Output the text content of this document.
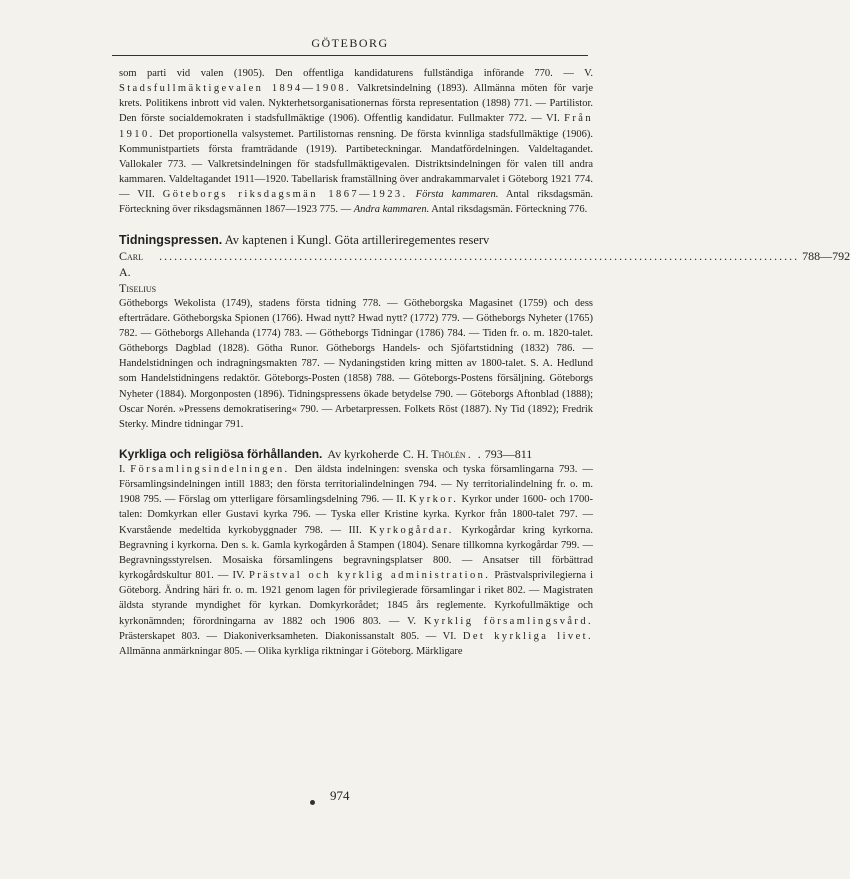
GÖTEBORG

som parti vid valen (1905). Den offentliga kandidaturens fullständiga införande 770. — V. Stadsfullmäktigevalen 1894—1908. Valkretsindelning (1893). Allmänna möten för varje krets. Politikens inbrott vid valen. Nykterhetsorganisationernas första representation (1898) 771. — Partilistor. Den förste socialdemokraten i stadsfullmäktige (1906). Offentlig kandidatur. Fullmakter 772. — VI. Från 1910. Det proportionella valsystemet. Partilistornas rensning. De första kvinnliga stadsfullmäktige (1906). Kommunistpartiets första framträdande (1919). Partibeteckningar. Mandatfördelningen. Valdeltagandet. Vallokaler 773. — Valkretsindelningen för stadsfullmäktigevalen. Distriktsindelningen för valen till andra kammaren. Valdeltagandet 1911—1920. Tabellarisk framställning över andrakammarvalet i Göteborg 1921 774. — VII. Göteborgs riksdagsmän 1867—1923. Första kammaren. Antal riksdagsmän. Förteckning över riksdagsmännen 1867—1923 775. — Andra kammaren. Antal riksdagsmän. Förteckning 776.

Tidningspressen. Av kaptenen i Kungl. Göta artilleriregementes reserv
Carl A. Tiselius
................................................................................................................................ 788—792

Götheborgs Wekolista (1749), stadens första tidning 778. — Götheborgska Magasinet (1759) och dess efterträdare. Götheborgska Spionen (1766). Hwad nytt? Hwad nytt? (1772) 779. — Götheborgs Nyheter (1765) 782. — Götheborgs Allehanda (1774) 783. — Götheborgs Tidningar (1786) 784. — Tiden fr. o. m. 1820-talet. Götheborgs Dagblad (1828). Götha Runor. Götheborgs Handels- och Sjöfartstidning (1832) 786. — Handelstidningen och indragningsmakten 787. — Nydaningstiden kring mitten av 1800-talet. S. A. Hedlund som Handelstidningens redaktör. Göteborgs-Posten (1858) 788. — Göteborgs-Postens försäljning. Göteborgs Nyheter (1884). Morgonposten (1896). Tidningspressens ökade betydelse 790. — Göteborgs Aftonblad (1888); Oscar Norén. »Pressens demokratisering« 790. — Arbetarpressen. Folkets Röst (1887). Ny Tid (1892); Fredrik Sterky. Mindre tidningar 791.

Kyrkliga och religiösa förhållanden. Av kyrkoherde C. H. Thölén . . 793—811

I. Församlingsindelningen. Den äldsta indelningen: svenska och tyska församlingarna 793. — Församlingsindelningen intill 1883; den första territorialindelningen 794. — Ny territorialindelning fr. o. m. 1908 795. — Förslag om ytterligare församlingsdelning 796. — II. Kyrkor. Kyrkor under 1600- och 1700-talen: Domkyrkan eller Gustavi kyrka 796. — Tyska eller Kristine kyrka. Kyrkor från 1800-talet 797. — Kvarstående medeltida kyrkobyggnader 798. — III. Kyrkogårdar. Kyrkogårdar kring kyrkorna. Begravning i kyrkorna. Den s. k. Gamla kyrkogården å Stampen (1804). Senare tillkomna kyrkogårdar 799. — Begravningsstyrelsen. Mosaiska församlingens begravningsplatser 800. — Ansatser till förbättrad kyrkogårdskultur 801. — IV. Prästval och kyrklig administration. Prästvalsprivilegierna i Göteborg. Ändring häri fr. o. m. 1921 genom lagen för privilegierade församlingar i riket 802. — Magistraten äldsta styrande myndighet för kyrkan. Domkyrkorådet; 1845 års reglemente. Kyrkofullmäktige och kyrkonämnden; förordningarna av 1882 och 1906 803. — V. Kyrklig församlingsvård. Prästerskapet 803. — Diakoniverksamheten. Diakonissanstalt 805. — VI. Det kyrkliga livet. Allmänna anmärkningar 805. — Olika kyrkliga riktningar i Göteborg. Märkligare

974
